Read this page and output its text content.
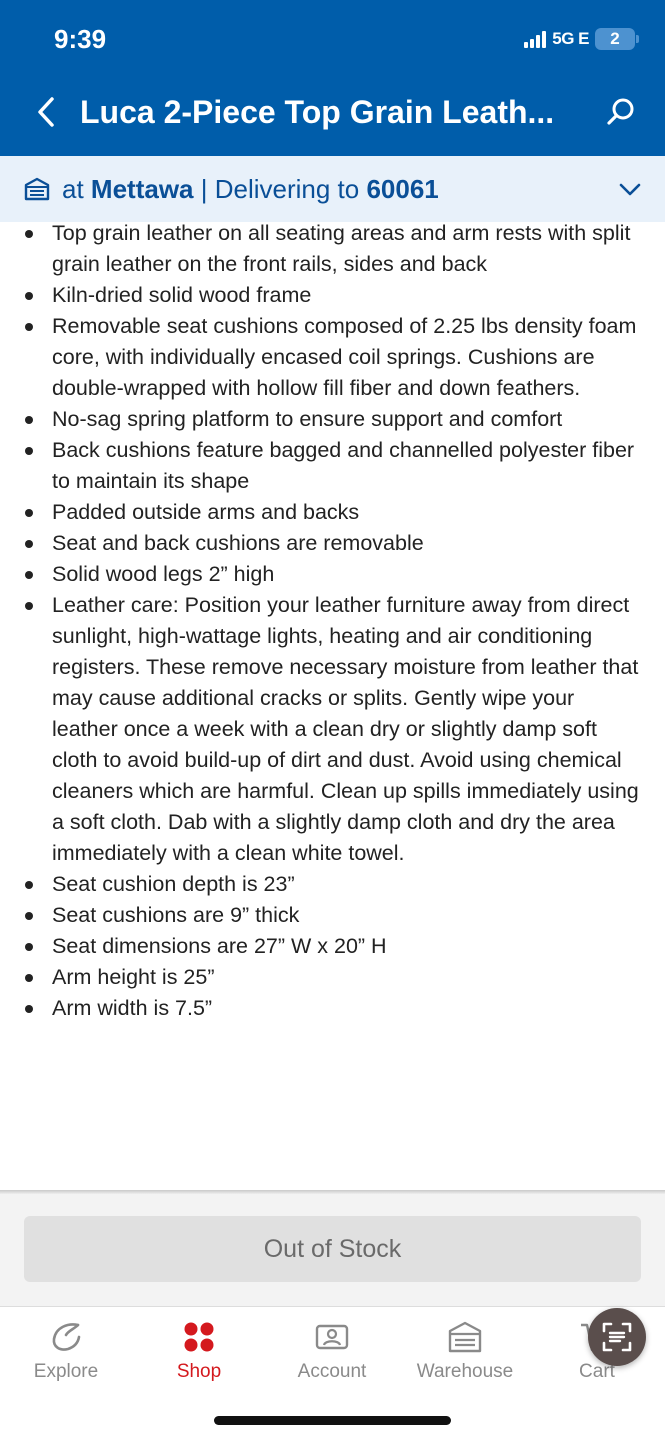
9:39	5G E	2
Luca 2-Piece Top Grain Leath...
at Mettawa | Delivering to 60061
Top grain leather on all seating areas and arm rests with split grain leather on the front rails, sides and back
Kiln-dried solid wood frame
Removable seat cushions composed of 2.25 lbs density foam core, with individually encased coil springs. Cushions are double-wrapped with hollow fill fiber and down feathers.
No-sag spring platform to ensure support and comfort
Back cushions feature bagged and channelled polyester fiber to maintain its shape
Padded outside arms and backs
Seat and back cushions are removable
Solid wood legs 2” high
Leather care: Position your leather furniture away from direct sunlight, high-wattage lights, heating and air conditioning registers. These remove necessary moisture from leather that may cause additional cracks or splits. Gently wipe your leather once a week with a clean dry or slightly damp soft cloth to avoid build-up of dirt and dust. Avoid using chemical cleaners which are harmful. Clean up spills immediately using a soft cloth. Dab with a slightly damp cloth and dry the area immediately with a clean white towel.
Seat cushion depth is 23”
Seat cushions are 9” thick
Seat dimensions are 27” W x 20” H
Arm height is 25”
Arm width is 7.5”
Out of Stock
Explore	Shop	Account	Warehouse	Cart
